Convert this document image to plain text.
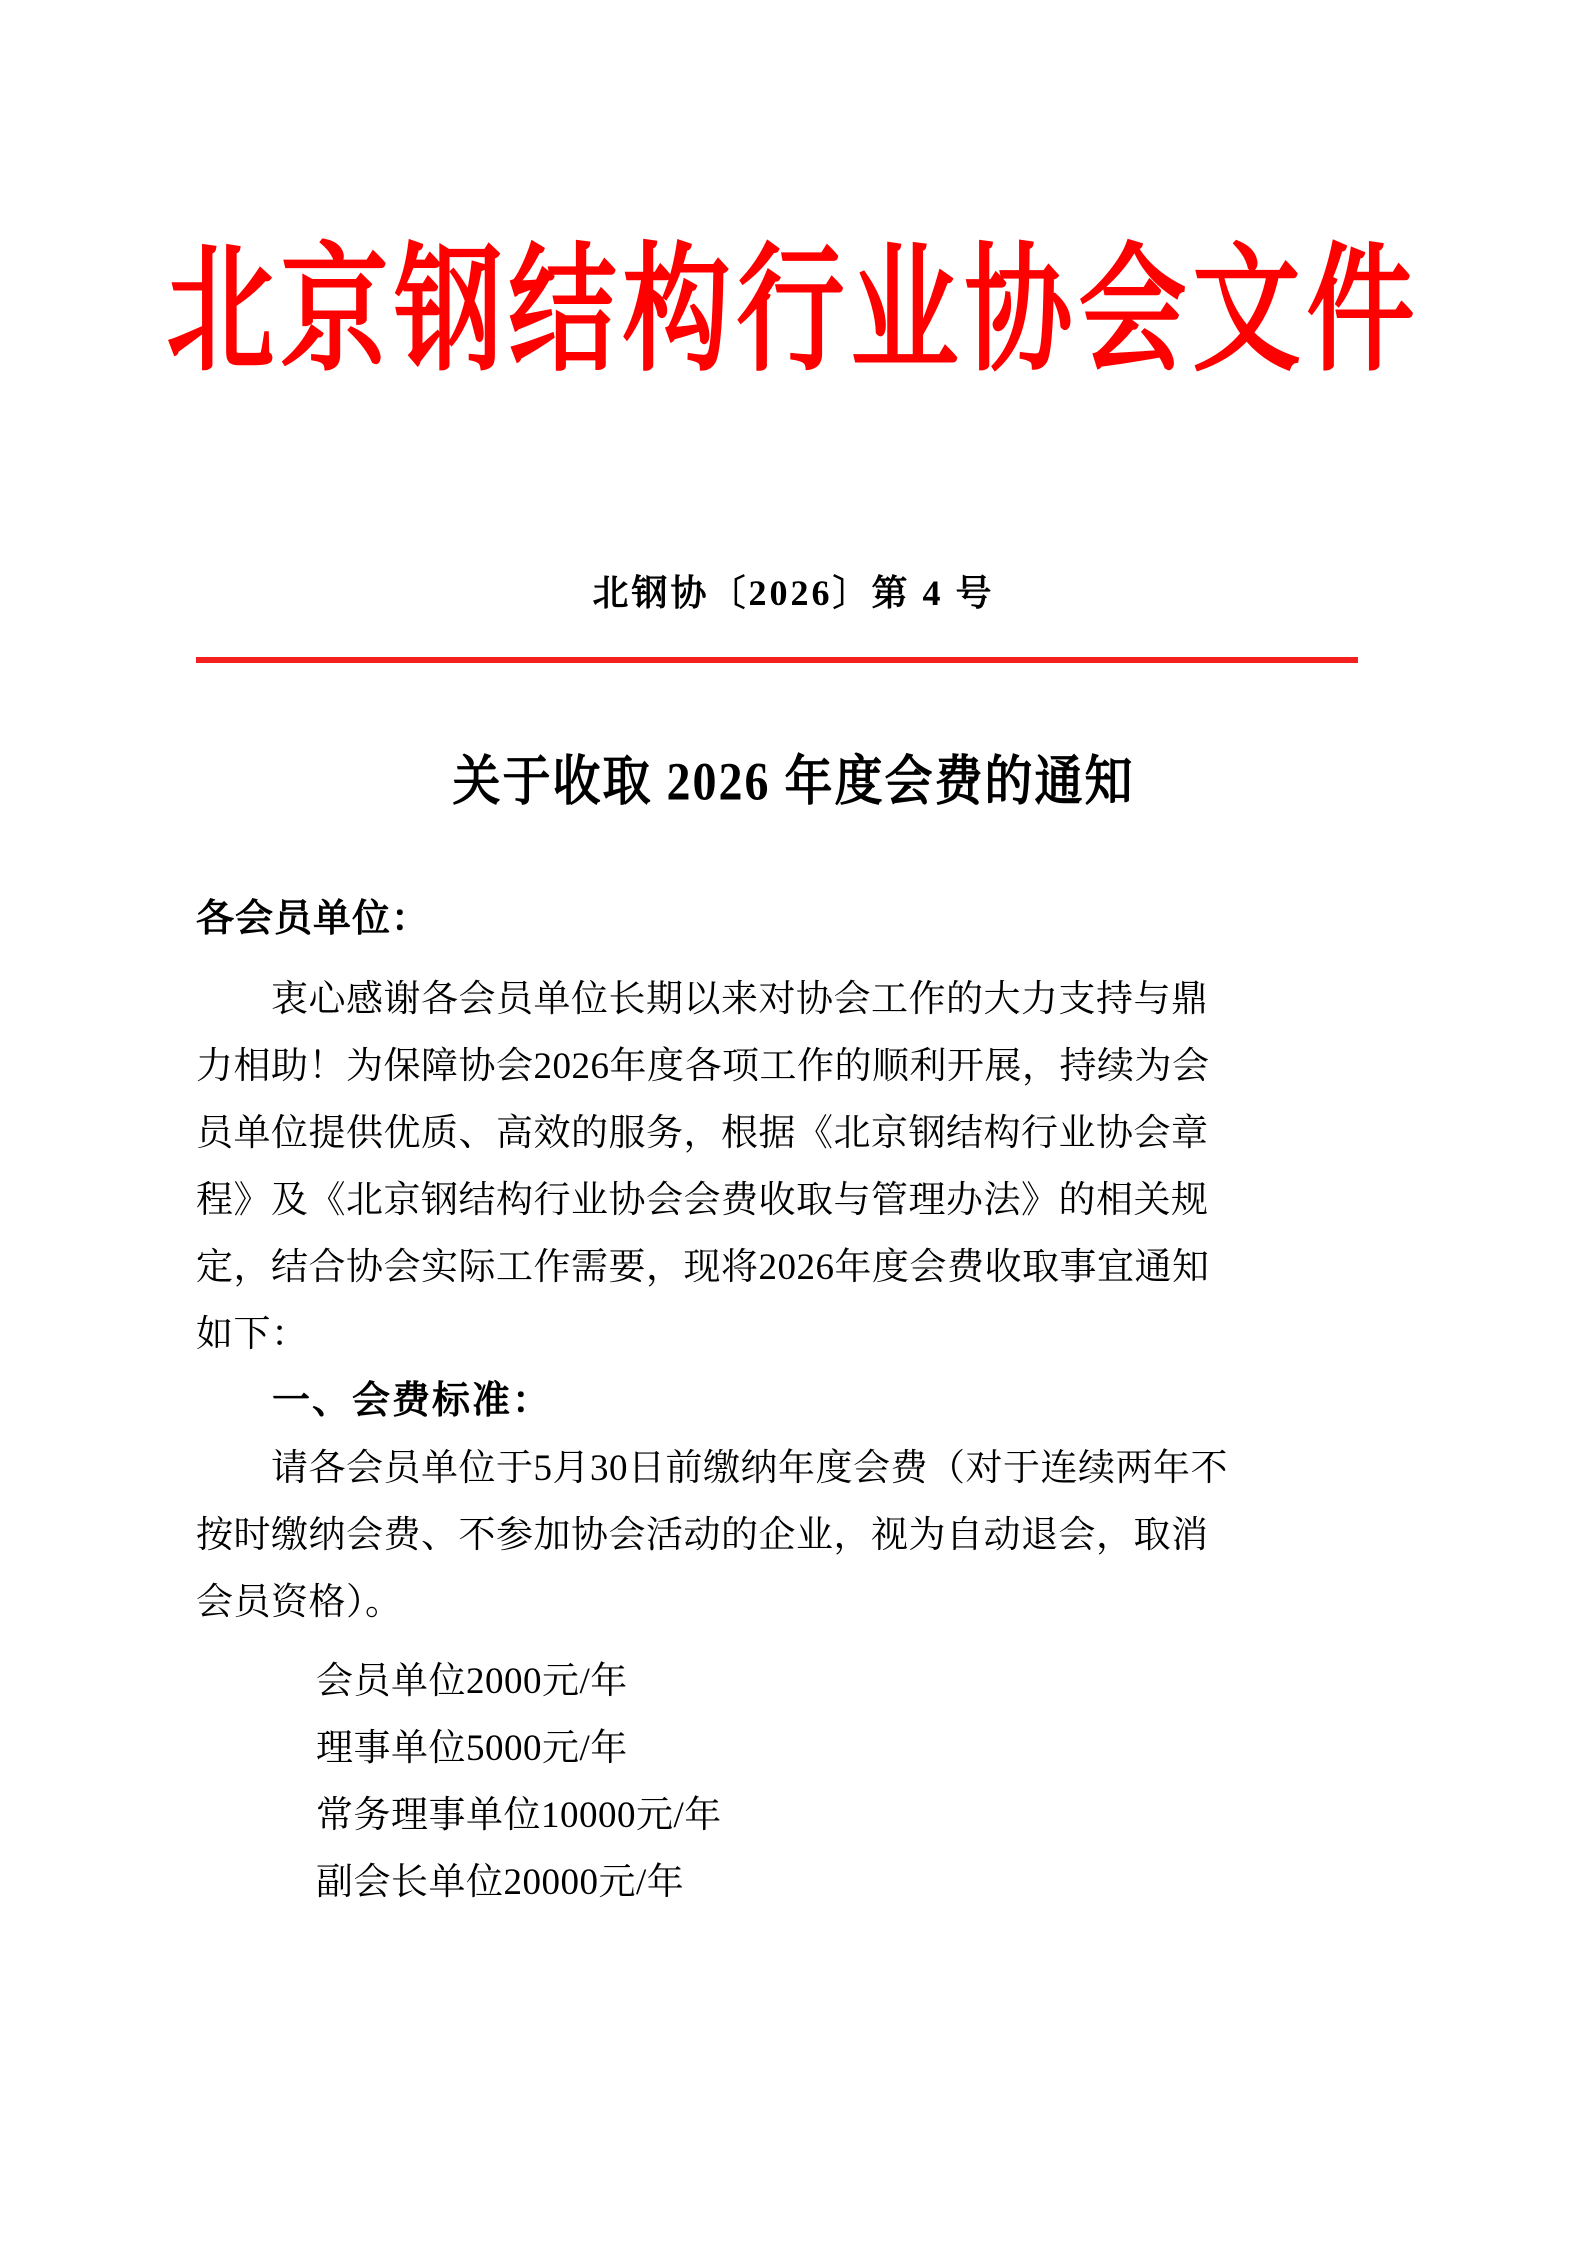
北京钢结构行业协会文件
北钢协〔2026〕第 4 号
关于收取 2026 年度会费的通知

各会员单位：

　　衷心感谢各会员单位长期以来对协会工作的大力支持与鼎
力相助！为保障协会2026年度各项工作的顺利开展，持续为会
员单位提供优质、高效的服务，根据《北京钢结构行业协会章
程》及《北京钢结构行业协会会费收取与管理办法》的相关规
定，结合协会实际工作需要，现将2026年度会费收取事宜通知
如下：

一、会费标准：

　　请各会员单位于5月30日前缴纳年度会费（对于连续两年不
按时缴纳会费、不参加协会活动的企业，视为自动退会，取消
会员资格）。

会员单位2000元/年
理事单位5000元/年
常务理事单位10000元/年
副会长单位20000元/年
